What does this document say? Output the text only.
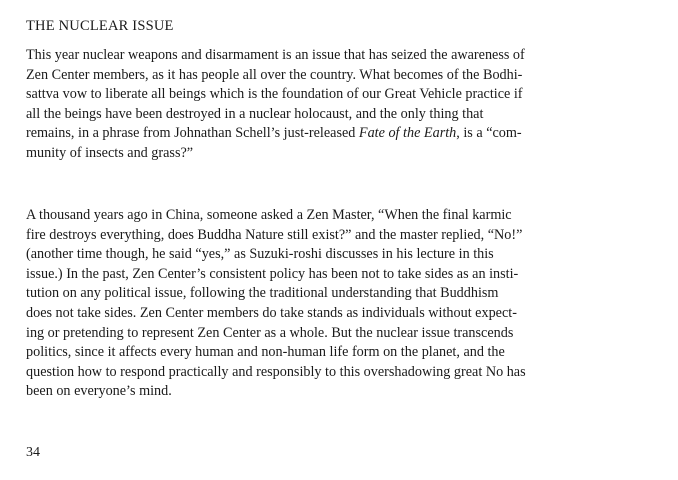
THE NUCLEAR ISSUE
This year nuclear weapons and disarmament is an issue that has seized the awareness of
Zen Center members, as it has people all over the country. What becomes of the Bodhi-
sattva vow to liberate all beings which is the foundation of our Great Vehicle practice if
all the beings have been destroyed in a nuclear holocaust, and the only thing that
remains, in a phrase from Johnathan Schell’s just-released Fate of the Earth, is a “com-
munity of insects and grass?”
A thousand years ago in China, someone asked a Zen Master, “When the final karmic
fire destroys everything, does Buddha Nature still exist?” and the master replied, “No!”
(another time though, he said “yes,” as Suzuki-roshi discusses in his lecture in this
issue.) In the past, Zen Center’s consistent policy has been not to take sides as an insti-
tution on any political issue, following the traditional understanding that Buddhism
does not take sides. Zen Center members do take stands as individuals without expect-
ing or pretending to represent Zen Center as a whole. But the nuclear issue transcends
politics, since it affects every human and non-human life form on the planet, and the
question how to respond practically and responsibly to this overshadowing great No has
been on everyone’s mind.
34
